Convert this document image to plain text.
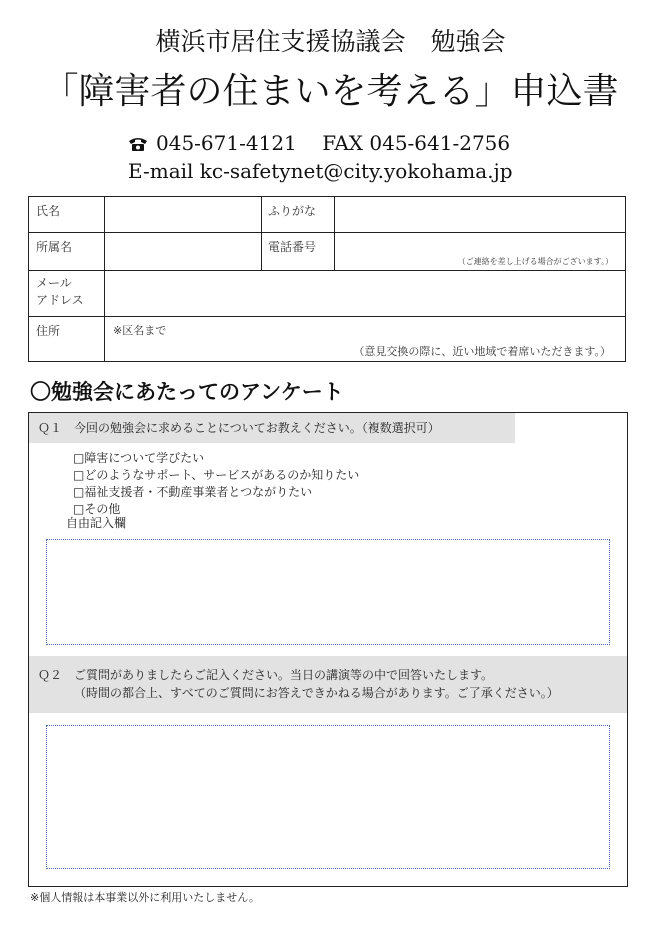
横浜市居住支援協議会　勉強会
「障害者の住まいを考える」申込書
045-671-4121    FAX 045-641-2756
E-mail kc-safetynet@city.yokohama.jp
氏名	ふりがな
所属名	電話番号
（ご連絡を差し上げる場合がございます。）
メール
アドレス
住所	※区名まで
（意見交換の際に、近い地域で着席いただきます。）
〇勉強会にあたってのアンケート
Ｑ１　今回の勉強会に求めることについてお教えください。（複数選択可）
□障害について学びたい
□どのようなサポート、サービスがあるのか知りたい
□福祉支援者・不動産事業者とつながりたい
□その他
自由記入欄
Ｑ２　ご質問がありましたらご記入ください。当日の講演等の中で回答いたします。
（時間の都合上、すべてのご質問にお答えできかねる場合があります。ご了承ください。）
※個人情報は本事業以外に利用いたしません。
